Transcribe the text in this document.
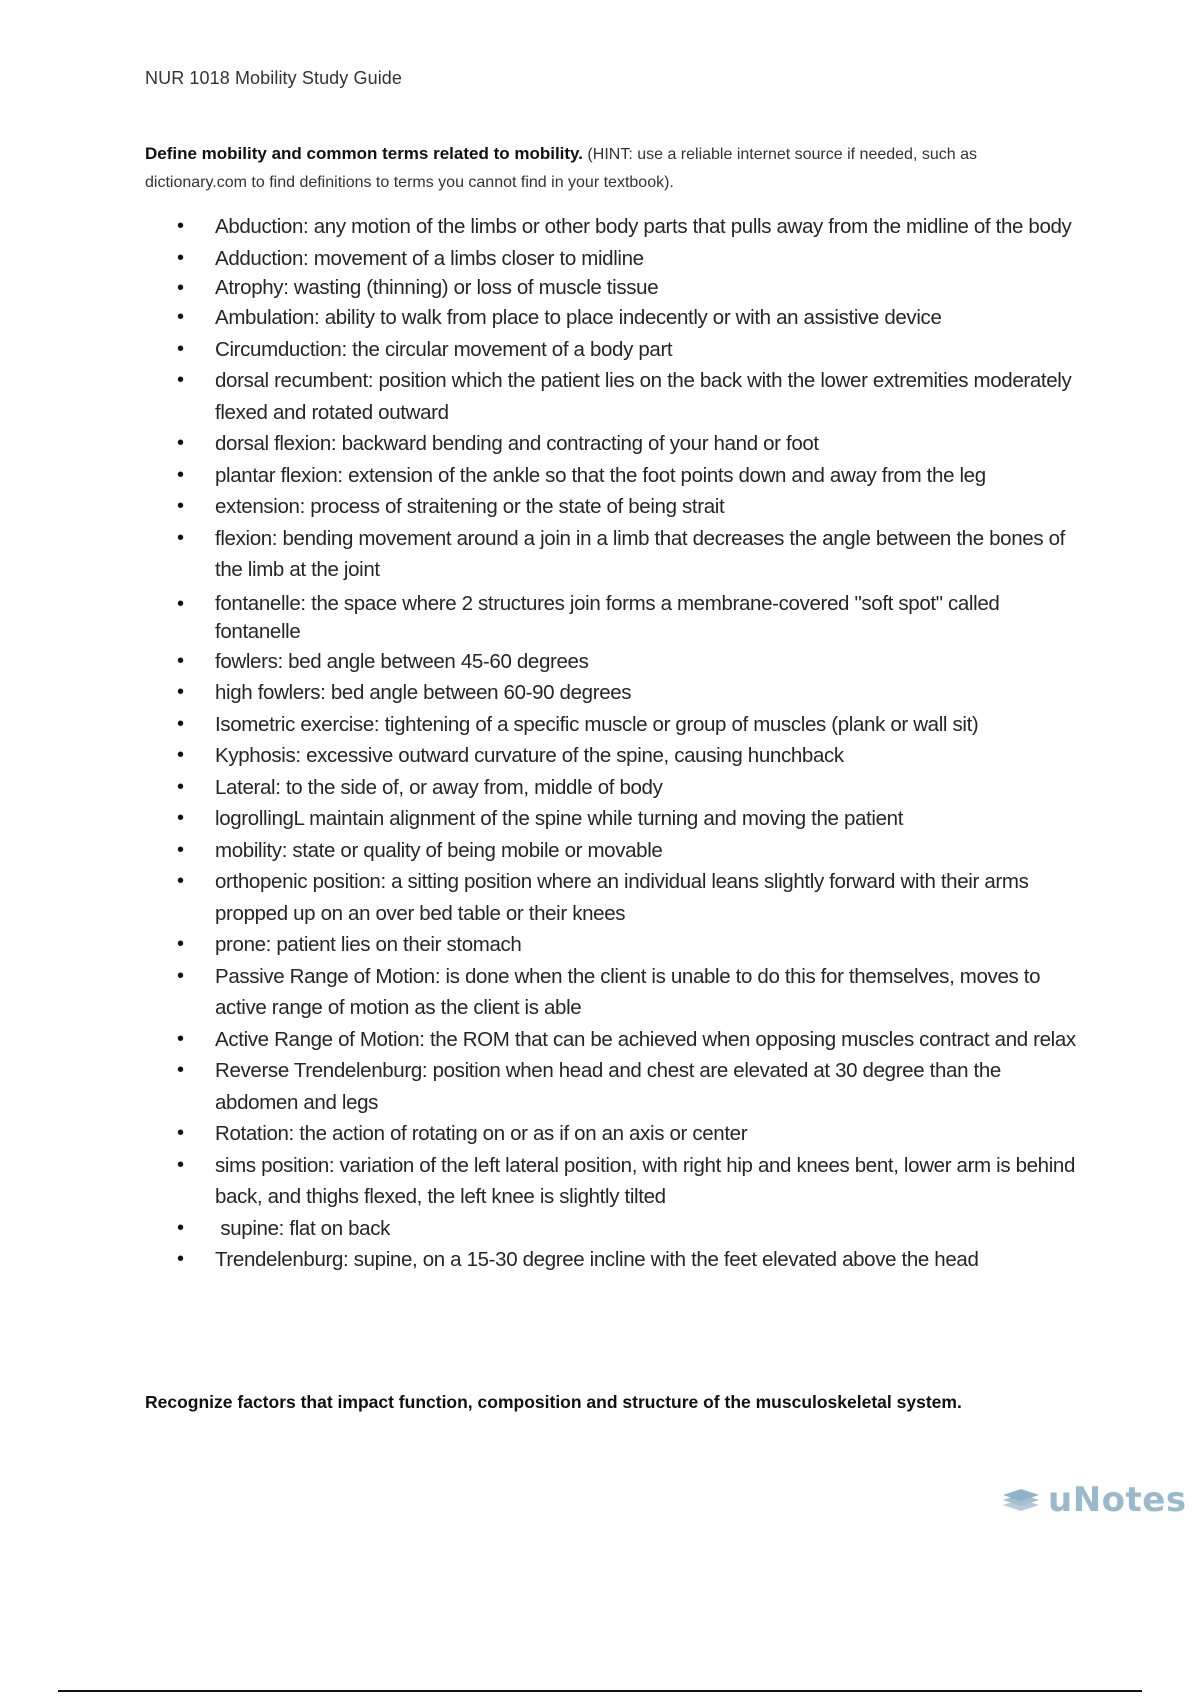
NUR 1018 Mobility Study Guide
Define mobility and common terms related to mobility. (HINT: use a reliable internet source if needed, such as dictionary.com to find definitions to terms you cannot find in your textbook).
• Abduction: any motion of the limbs or other body parts that pulls away from the midline of the body
• Adduction: movement of a limbs closer to midline
• Atrophy: wasting (thinning) or loss of muscle tissue
• Ambulation: ability to walk from place to place indecently or with an assistive device
• Circumduction: the circular movement of a body part
• dorsal recumbent: position which the patient lies on the back with the lower extremities moderately flexed and rotated outward
• dorsal flexion: backward bending and contracting of your hand or foot
• plantar flexion: extension of the ankle so that the foot points down and away from the leg
• extension: process of straitening or the state of being strait
• flexion: bending movement around a join in a limb that decreases the angle between the bones of the limb at the joint
• fontanelle: the space where 2 structures join forms a membrane-covered "soft spot" called fontanelle
• fowlers: bed angle between 45-60 degrees
• high fowlers: bed angle between 60-90 degrees
• Isometric exercise: tightening of a specific muscle or group of muscles (plank or wall sit)
• Kyphosis: excessive outward curvature of the spine, causing hunchback
• Lateral: to the side of, or away from, middle of body
• logrollingL maintain alignment of the spine while turning and moving the patient
• mobility: state or quality of being mobile or movable
• orthopenic position: a sitting position where an individual leans slightly forward with their arms propped up on an over bed table or their knees
• prone: patient lies on their stomach
• Passive Range of Motion: is done when the client is unable to do this for themselves, moves to active range of motion as the client is able
• Active Range of Motion: the ROM that can be achieved when opposing muscles contract and relax
• Reverse Trendelenburg: position when head and chest are elevated at 30 degree than the abdomen and legs
• Rotation: the action of rotating on or as if on an axis or center
• sims position: variation of the left lateral position, with right hip and knees bent, lower arm is behind back, and thighs flexed, the left knee is slightly tilted
• supine: flat on back
• Trendelenburg: supine, on a 15-30 degree incline with the feet elevated above the head
Recognize factors that impact function, composition and structure of the musculoskeletal system.
uNotes
